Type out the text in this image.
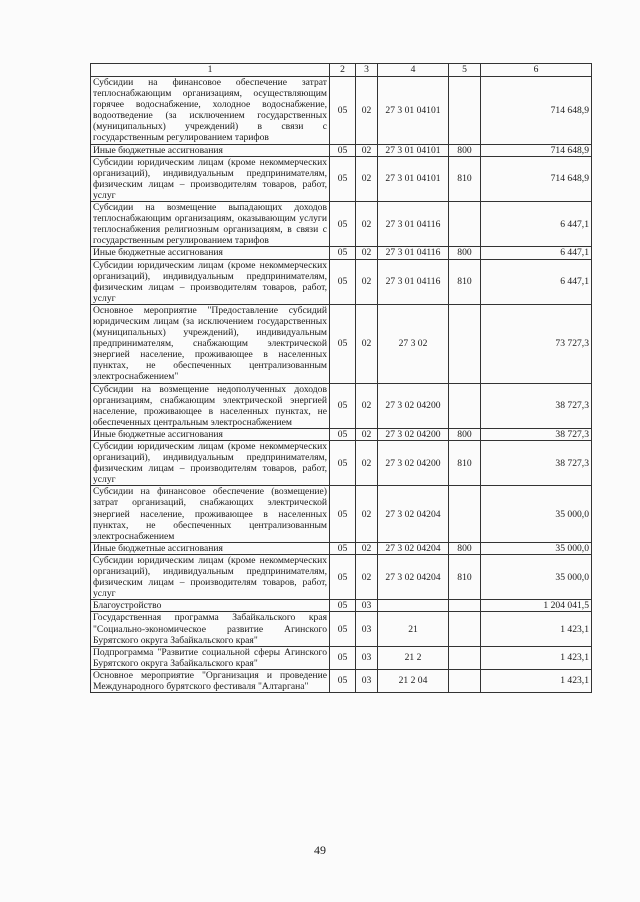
1	2	3	4	5	6
Субсидии на финансовое обеспечение затрат теплоснабжающим организациям, осуществляющим горячее водоснабжение, холодное водоснабжение, водоотведение (за исключением государственных (муниципальных) учреждений) в связи с государственным регулированием тарифов	05	02	27 3 01 04101		714 648,9
Иные бюджетные ассигнования	05	02	27 3 01 04101	800	714 648,9
Субсидии юридическим лицам (кроме некоммерческих организаций), индивидуальным предпринимателям, физическим лицам – производителям товаров, работ, услуг	05	02	27 3 01 04101	810	714 648,9
Субсидии на возмещение выпадающих доходов теплоснабжающим организациям, оказывающим услуги теплоснабжения религиозным организациям, в связи с государственным регулированием тарифов	05	02	27 3 01 04116		6 447,1
Иные бюджетные ассигнования	05	02	27 3 01 04116	800	6 447,1
Субсидии юридическим лицам (кроме некоммерческих организаций), индивидуальным предпринимателям, физическим лицам – производителям товаров, работ, услуг	05	02	27 3 01 04116	810	6 447,1
Основное мероприятие "Предоставление субсидий юридическим лицам (за исключением государственных (муниципальных) учреждений), индивидуальным предпринимателям, снабжающим электрической энергией население, проживающее в населенных пунктах, не обеспеченных централизованным электроснабжением"	05	02	27 3 02		73 727,3
Субсидии на возмещение недополученных доходов организациям, снабжающим электрической энергией население, проживающее в населенных пунктах, не обеспеченных центральным электроснабжением	05	02	27 3 02 04200		38 727,3
Иные бюджетные ассигнования	05	02	27 3 02 04200	800	38 727,3
Субсидии юридическим лицам (кроме некоммерческих организаций), индивидуальным предпринимателям, физическим лицам – производителям товаров, работ, услуг	05	02	27 3 02 04200	810	38 727,3
Субсидии на финансовое обеспечение (возмещение) затрат организаций, снабжающих электрической энергией население, проживающее в населенных пунктах, не обеспеченных централизованным электроснабжением	05	02	27 3 02 04204		35 000,0
Иные бюджетные ассигнования	05	02	27 3 02 04204	800	35 000,0
Субсидии юридическим лицам (кроме некоммерческих организаций), индивидуальным предпринимателям, физическим лицам – производителям товаров, работ, услуг	05	02	27 3 02 04204	810	35 000,0
Благоустройство	05	03			1 204 041,5
Государственная программа Забайкальского края "Социально-экономическое развитие Агинского Бурятского округа Забайкальского края"	05	03	21		1 423,1
Подпрограмма "Развитие социальной сферы Агинского Бурятского округа Забайкальского края"	05	03	21 2		1 423,1
Основное мероприятие "Организация и проведение Международного бурятского фестиваля "Алтаргана"	05	03	21 2 04		1 423,1
49
